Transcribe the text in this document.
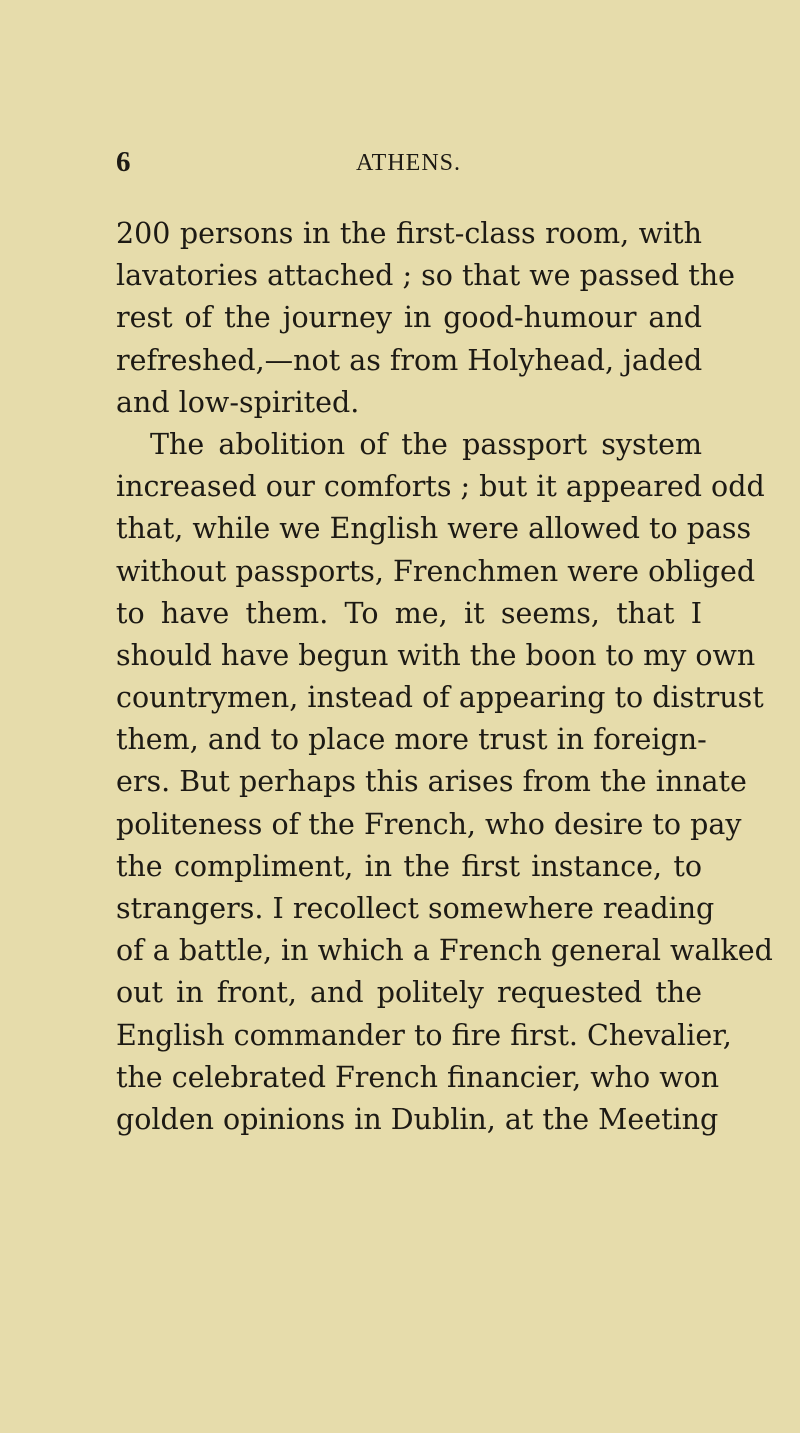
6	ATHENS.
200 persons in the first-class room, with
lavatories attached ; so that we passed the
rest of the journey in good-humour and
refreshed,—not as from Holyhead, jaded
and low-spirited.
The abolition of the passport system
increased our comforts ; but it appeared odd
that, while we English were allowed to pass
without passports, Frenchmen were obliged
to have them. To me, it seems, that I
should have begun with the boon to my own
countrymen, instead of appearing to distrust
them, and to place more trust in foreign-
ers. But perhaps this arises from the innate
politeness of the French, who desire to pay
the compliment, in the first instance, to
strangers. I recollect somewhere reading
of a battle, in which a French general walked
out in front, and politely requested the
English commander to fire first. Chevalier,
the celebrated French financier, who won
golden opinions in Dublin, at the Meeting
